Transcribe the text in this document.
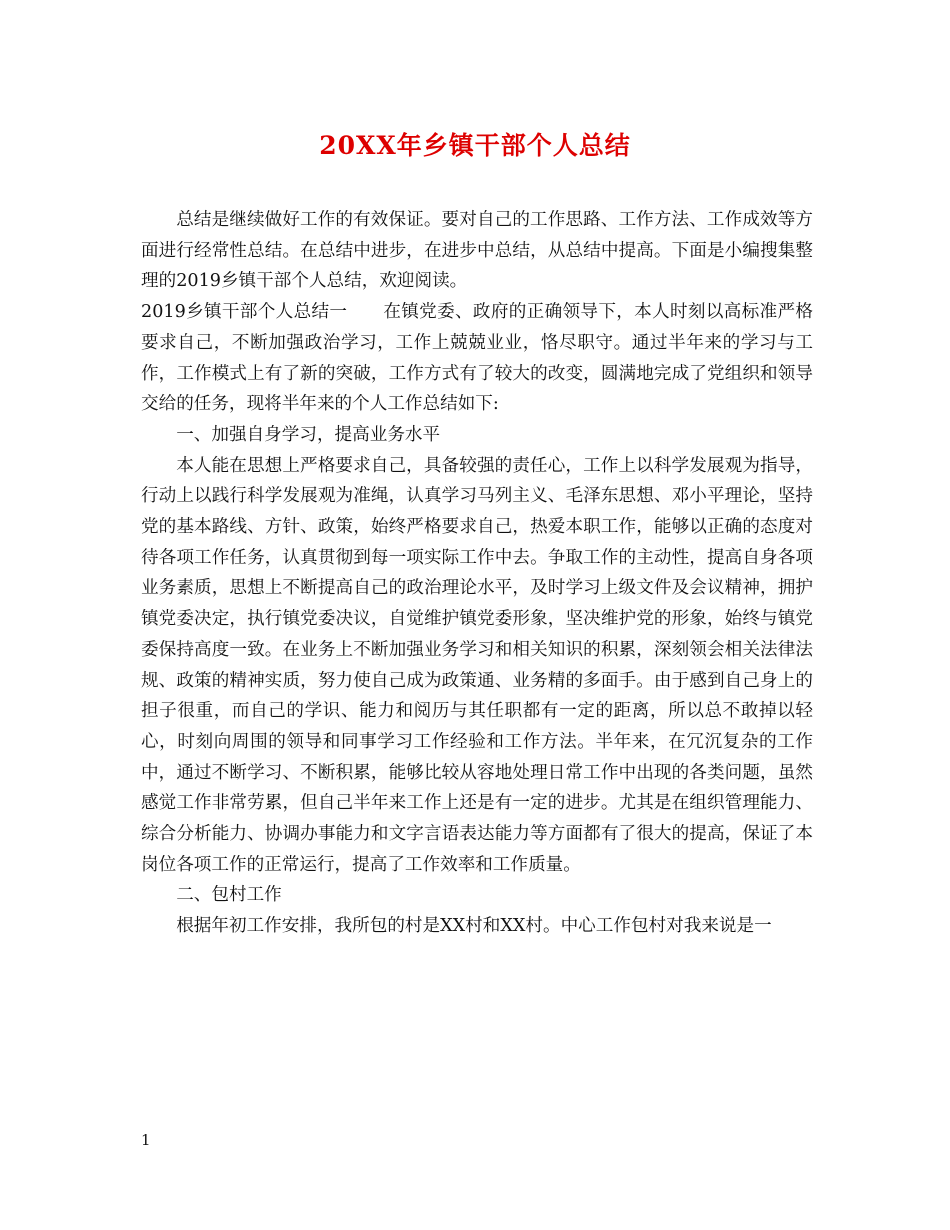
20XX年乡镇干部个人总结

总结是继续做好工作的有效保证。要对自己的工作思路、工作方法、工作成效等方面进行经常性总结。在总结中进步，在进步中总结，从总结中提高。下面是小编搜集整理的2019乡镇干部个人总结，欢迎阅读。

2019乡镇干部个人总结一 在镇党委、政府的正确领导下，本人时刻以高标准严格要求自己，不断加强政治学习，工作上兢兢业业，恪尽职守。通过半年来的学习与工作，工作模式上有了新的突破，工作方式有了较大的改变，圆满地完成了党组织和领导交给的任务，现将半年来的个人工作总结如下:

一、加强自身学习，提高业务水平

本人能在思想上严格要求自己，具备较强的责任心，工作上以科学发展观为指导，行动上以践行科学发展观为准绳，认真学习马列主义、毛泽东思想、邓小平理论，坚持党的基本路线、方针、政策，始终严格要求自己，热爱本职工作，能够以正确的态度对待各项工作任务，认真贯彻到每一项实际工作中去。争取工作的主动性，提高自身各项业务素质，思想上不断提高自己的政治理论水平，及时学习上级文件及会议精神，拥护镇党委决定，执行镇党委决议，自觉维护镇党委形象，坚决维护党的形象，始终与镇党委保持高度一致。在业务上不断加强业务学习和相关知识的积累，深刻领会相关法律法规、政策的精神实质，努力使自己成为政策通、业务精的多面手。由于感到自己身上的担子很重，而自己的学识、能力和阅历与其任职都有一定的距离，所以总不敢掉以轻心，时刻向周围的领导和同事学习工作经验和工作方法。半年来，在冗沉复杂的工作中，通过不断学习、不断积累，能够比较从容地处理日常工作中出现的各类问题，虽然感觉工作非常劳累，但自己半年来工作上还是有一定的进步。尤其是在组织管理能力、综合分析能力、协调办事能力和文字言语表达能力等方面都有了很大的提高，保证了本岗位各项工作的正常运行，提高了工作效率和工作质量。

二、包村工作

根据年初工作安排，我所包的村是XX村和XX村。中心工作包村对我来说是一

1
